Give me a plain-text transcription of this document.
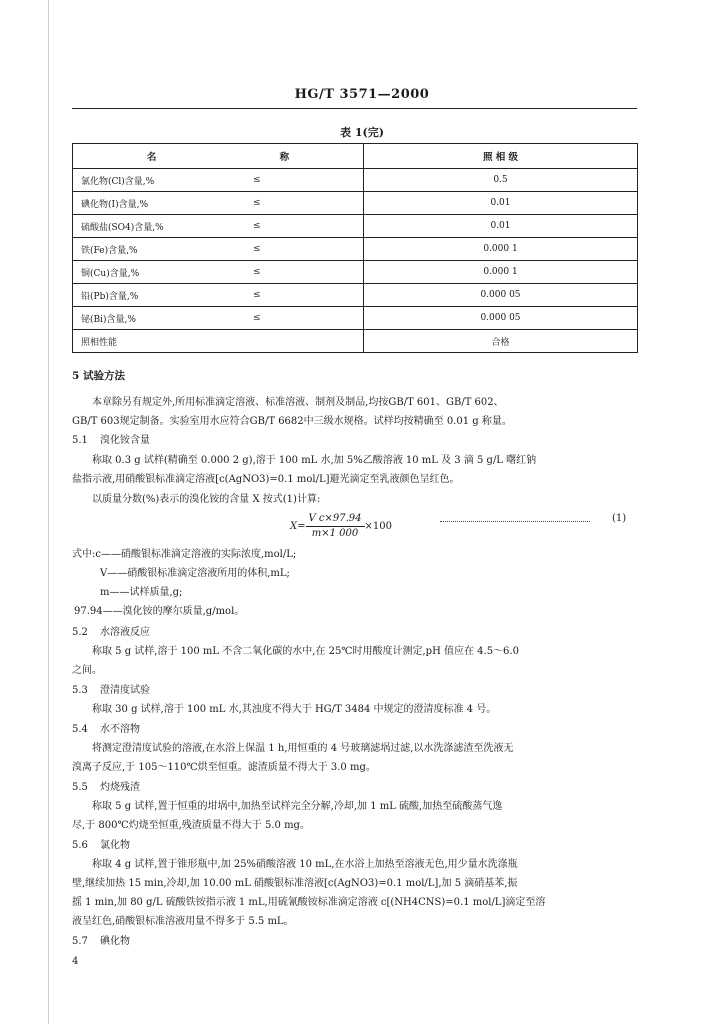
HG/T 3571—2000
表 1(完)
名 称		照 相 级
氯化物(Cl)含量,%	≤	0.5
碘化物(I)含量,%	≤	0.01
硫酸盐(SO4)含量,%	≤	0.01
铁(Fe)含量,%	≤	0.000 1
铜(Cu)含量,%	≤	0.000 1
铅(Pb)含量,%	≤	0.000 05
铋(Bi)含量,%	≤	0.000 05
照相性能		合格
5 试验方法
本章除另有规定外,所用标准滴定溶液、标准溶液、制剂及制品,均按GB/T 601、GB/T 602、
GB/T 603规定制备。实验室用水应符合GB/T 6682中三级水规格。试样均按精确至 0.01 g 称量。
5.1 溴化铵含量
称取 0.3 g 试样(精确至 0.000 2 g),溶于 100 mL 水,加 5%乙酸溶液 10 mL 及 3 滴 5 g/L 曙红钠
盐指示液,用硝酸银标准滴定溶液[c(AgNO3)=0.1 mol/L]避光滴定至乳液颜色呈红色。
以质量分数(%)表示的溴化铵的含量 X 按式(1)计算:
$X= \frac{\text{V c×97.94}}{m\times 1 000} \times 100$
(1)
式中:c——硝酸银标准滴定溶液的实际浓度,mol/L;
V——硝酸银标准滴定溶液所用的体积,mL;
m——试样质量,g;
97.94——溴化铵的摩尔质量,g/mol。
5.2 水溶液反应
称取 5 g 试样,溶于 100 mL 不含二氧化碳的水中,在 25℃时用酸度计测定,pH 值应在 4.5～6.0
之间。
5.3 澄清度试验
称取 30 g 试样,溶于 100 mL 水,其浊度不得大于 HG/T 3484 中规定的澄清度标准 4 号。
5.4 水不溶物
将测定澄清度试验的溶液,在水浴上保温 1 h,用恒重的 4 号玻璃滤埚过滤,以水洗涤滤渣至洗液无
溴离子反应,于 105～110℃烘至恒重。滤渣质量不得大于 3.0 mg。
5.5 灼烧残渣
称取 5 g 试样,置于恒重的坩埚中,加热至试样完全分解,冷却,加 1 mL 硫酸,加热至硫酸蒸气逸
尽,于 800℃灼烧至恒重,残渣质量不得大于 5.0 mg。
5.6 氯化物
称取 4 g 试样,置于锥形瓶中,加 25%硝酸溶液 10 mL,在水浴上加热至溶液无色,用少量水洗涤瓶
壁,继续加热 15 min,冷却,加 10.00 mL 硝酸银标准溶液[c(AgNO3)=0.1 mol/L],加 5 滴硝基苯,振
摇 1 min,加 80 g/L 硫酸铁铵指示液 1 mL,用硫氰酸铵标准滴定溶液 c[(NH4CNS)=0.1 mol/L]滴定至溶
液呈红色,硝酸银标准溶液用量不得多于 5.5 mL。
5.7 碘化物
4
